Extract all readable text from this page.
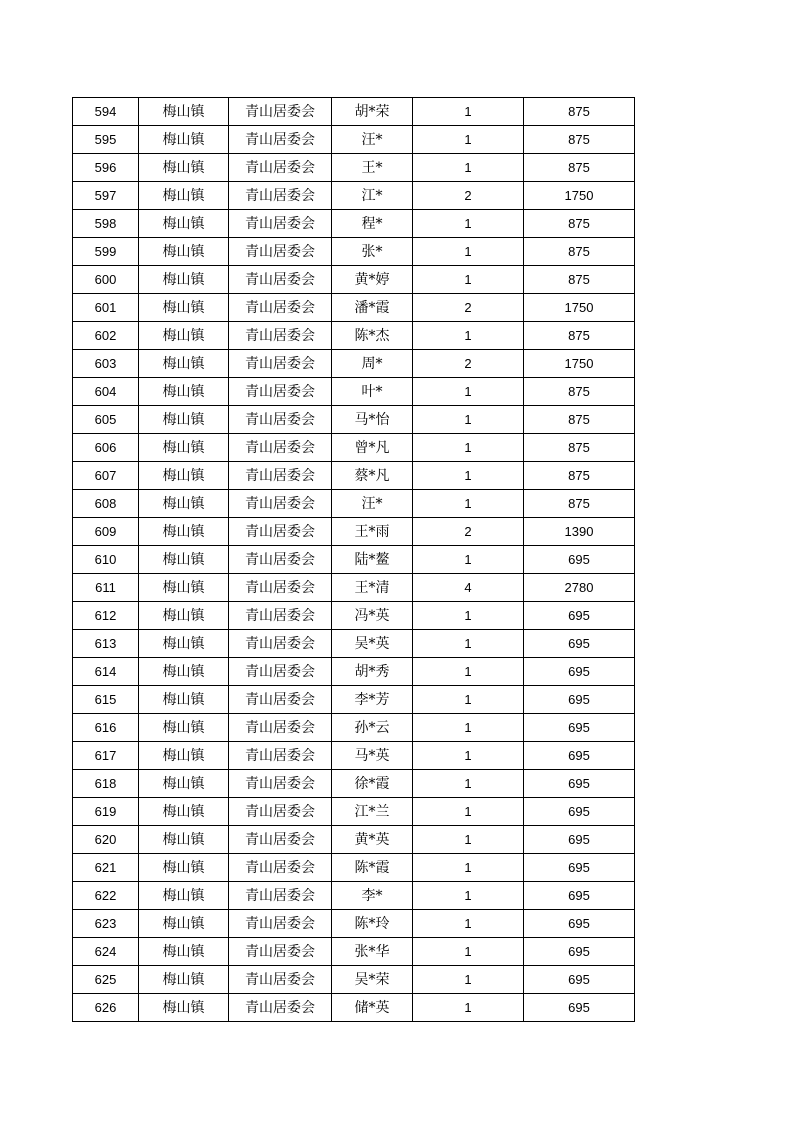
594	梅山镇	青山居委会	胡*荣	1	875
595	梅山镇	青山居委会	汪*	1	875
596	梅山镇	青山居委会	王*	1	875
597	梅山镇	青山居委会	江*	2	1750
598	梅山镇	青山居委会	程*	1	875
599	梅山镇	青山居委会	张*	1	875
600	梅山镇	青山居委会	黄*婷	1	875
601	梅山镇	青山居委会	潘*霞	2	1750
602	梅山镇	青山居委会	陈*杰	1	875
603	梅山镇	青山居委会	周*	2	1750
604	梅山镇	青山居委会	叶*	1	875
605	梅山镇	青山居委会	马*怡	1	875
606	梅山镇	青山居委会	曾*凡	1	875
607	梅山镇	青山居委会	蔡*凡	1	875
608	梅山镇	青山居委会	汪*	1	875
609	梅山镇	青山居委会	王*雨	2	1390
610	梅山镇	青山居委会	陆*鳌	1	695
611	梅山镇	青山居委会	王*清	4	2780
612	梅山镇	青山居委会	冯*英	1	695
613	梅山镇	青山居委会	吴*英	1	695
614	梅山镇	青山居委会	胡*秀	1	695
615	梅山镇	青山居委会	李*芳	1	695
616	梅山镇	青山居委会	孙*云	1	695
617	梅山镇	青山居委会	马*英	1	695
618	梅山镇	青山居委会	徐*霞	1	695
619	梅山镇	青山居委会	江*兰	1	695
620	梅山镇	青山居委会	黄*英	1	695
621	梅山镇	青山居委会	陈*霞	1	695
622	梅山镇	青山居委会	李*	1	695
623	梅山镇	青山居委会	陈*玲	1	695
624	梅山镇	青山居委会	张*华	1	695
625	梅山镇	青山居委会	吴*荣	1	695
626	梅山镇	青山居委会	储*英	1	695
